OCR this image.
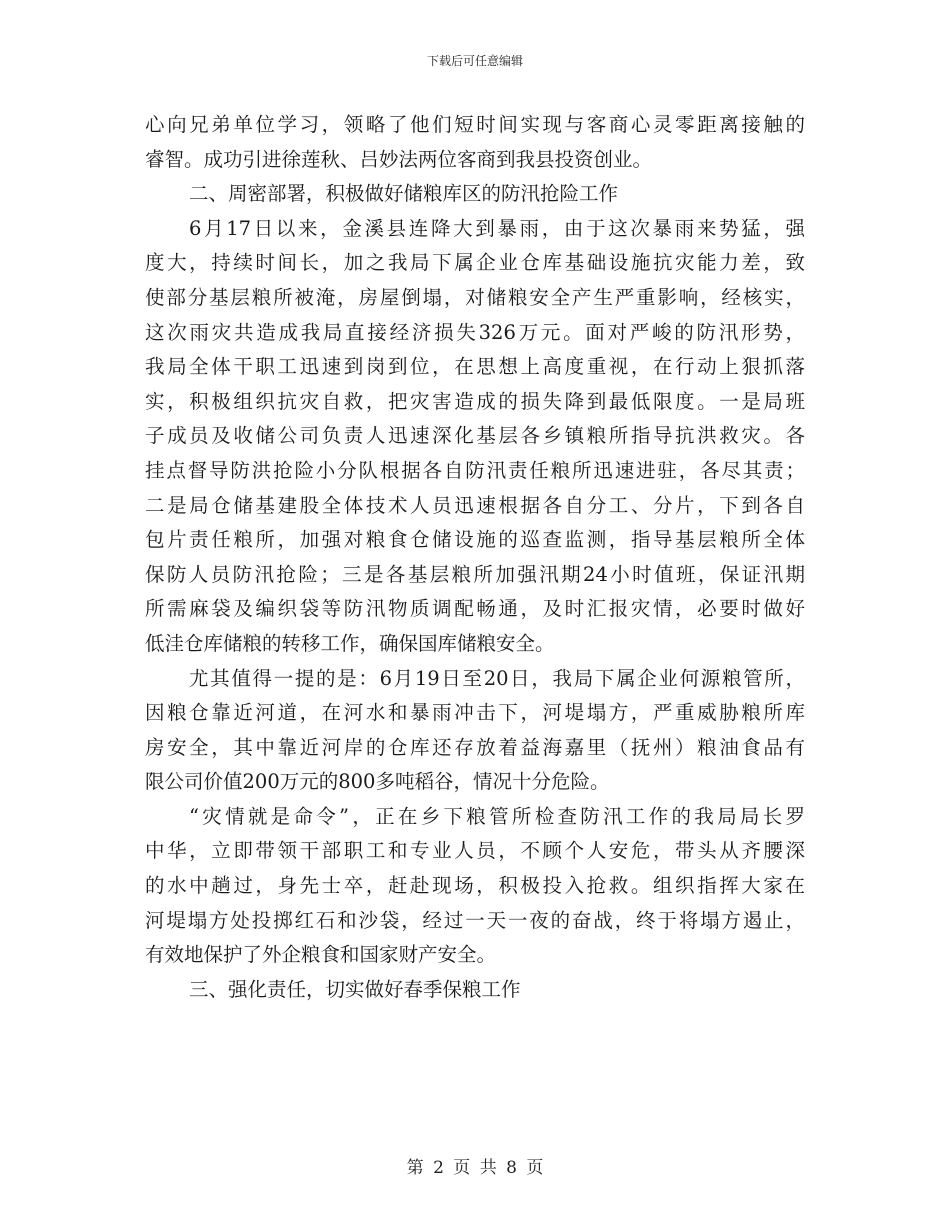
下载后可任意编辑
心向兄弟单位学习，领略了他们短时间实现与客商心灵零距离接触的
睿智。成功引进徐莲秋、吕妙法两位客商到我县投资创业。
二、周密部署，积极做好储粮库区的防汛抢险工作
6月17日以来，金溪县连降大到暴雨，由于这次暴雨来势猛，强
度大，持续时间长，加之我局下属企业仓库基础设施抗灾能力差，致
使部分基层粮所被淹，房屋倒塌，对储粮安全产生严重影响，经核实，
这次雨灾共造成我局直接经济损失326万元。面对严峻的防汛形势，
我局全体干职工迅速到岗到位，在思想上高度重视，在行动上狠抓落
实，积极组织抗灾自救，把灾害造成的损失降到最低限度。一是局班
子成员及收储公司负责人迅速深化基层各乡镇粮所指导抗洪救灾。各
挂点督导防洪抢险小分队根据各自防汛责任粮所迅速进驻，各尽其责；
二是局仓储基建股全体技术人员迅速根据各自分工、分片，下到各自
包片责任粮所，加强对粮食仓储设施的巡查监测，指导基层粮所全体
保防人员防汛抢险；三是各基层粮所加强汛期24小时值班，保证汛期
所需麻袋及编织袋等防汛物质调配畅通，及时汇报灾情，必要时做好
低洼仓库储粮的转移工作，确保国库储粮安全。
尤其值得一提的是：6月19日至20日，我局下属企业何源粮管所，
因粮仓靠近河道，在河水和暴雨冲击下，河堤塌方，严重威胁粮所库
房安全，其中靠近河岸的仓库还存放着益海嘉里（抚州）粮油食品有
限公司价值200万元的800多吨稻谷，情况十分危险。
“灾情就是命令”，正在乡下粮管所检查防汛工作的我局局长罗
中华，立即带领干部职工和专业人员，不顾个人安危，带头从齐腰深
的水中趟过，身先士卒，赶赴现场，积极投入抢救。组织指挥大家在
河堤塌方处投掷红石和沙袋，经过一天一夜的奋战，终于将塌方遏止，
有效地保护了外企粮食和国家财产安全。
三、强化责任，切实做好春季保粮工作
第 2 页 共 8 页
